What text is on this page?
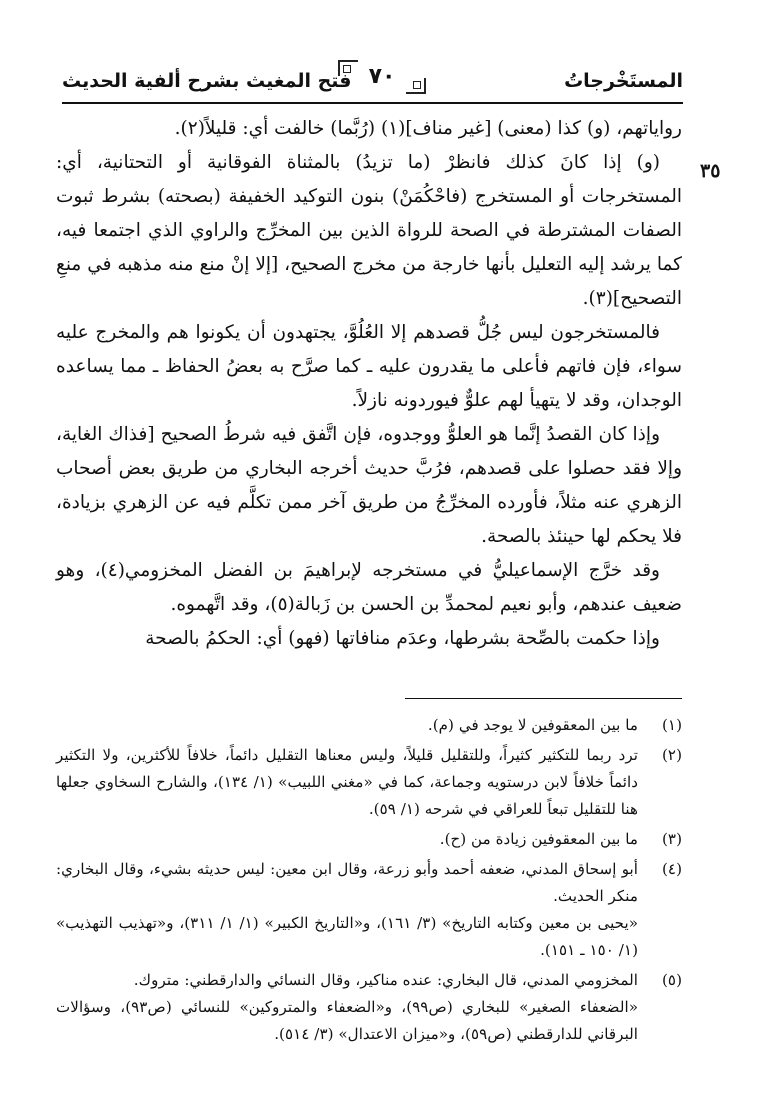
المستَخْرجاتُ
٧٠
فتح المغيث بشرح ألفية الحديث
٣٥

رواياتهم، (و) كذا (معنى) [غير مناف](١) (رُبَّما) خالفت أي: قليلاً(٢).

(و) إذا كانَ كذلك فانظرْ (ما تزيدُ) بالمثناة الفوقانية أو التحتانية، أي: المستخرجات أو المستخرج (فاحْكُمَنْ) بنون التوكيد الخفيفة (بصحته) بشرط ثبوت الصفات المشترطة في الصحة للرواة الذين بين المخرِّج والراوي الذي اجتمعا فيه، كما يرشد إليه التعليل بأنها خارجة من مخرج الصحيح، [إلا إنْ منع منه مذهبه في منعِ التصحيح](٣).

فالمستخرجون ليس جُلُّ قصدهم إلا العُلُوَّ، يجتهدون أن يكونوا هم والمخرج عليه سواء، فإن فاتهم فأعلى ما يقدرون عليه ـ كما صرَّح به بعضُ الحفاظ ـ مما يساعده الوجدان، وقد لا يتهيأ لهم علوٌّ فيوردونه نازلاً.

وإذا كان القصدُ إنَّما هو العلوُّ ووجدوه، فإن اتَّفق فيه شرطُ الصحيح [فذاك الغاية، وإلا فقد حصلوا على قصدهم، فرُبَّ حديث أخرجه البخاري من طريق بعض أصحاب الزهري عنه مثلاً، فأورده المخرِّجُ من طريق آخر ممن تكلَّم فيه عن الزهري بزيادة، فلا يحكم لها حينئذ بالصحة.

وقد خرَّج الإسماعيليُّ في مستخرجه لإبراهيمَ بن الفضل المخزومي(٤)، وهو ضعيف عندهم، وأبو نعيم لمحمدِّ بن الحسن بن زَبالة(٥)، وقد اتَّهموه.

وإذا حكمت بالصِّحة بشرطها، وعدَم منافاتها (فهو) أي: الحكمُ بالصحة

(١)

ما بين المعقوفين لا يوجد في (م).

(٢)

ترد ربما للتكثير كثيراً، وللتقليل قليلاً، وليس معناها التقليل دائماً، خلافاً للأكثرين، ولا التكثير دائماً خلافاً لابن درستويه وجماعة، كما في «مغني اللبيب» (١/ ١٣٤)، والشارح السخاوي جعلها هنا للتقليل تبعاً للعراقي في شرحه (١/ ٥٩).

(٣)

ما بين المعقوفين زيادة من (ح).

(٤)

أبو إسحاق المدني، ضعفه أحمد وأبو زرعة، وقال ابن معين: ليس حديثه بشيء، وقال البخاري: منكر الحديث.

«يحيى بن معين وكتابه التاريخ» (٣/ ١٦١)، و«التاريخ الكبير» (١/ ١/ ٣١١)، و«تهذيب التهذيب» (١/ ١٥٠ ـ ١٥١).

(٥)

المخزومي المدني، قال البخاري: عنده مناكير، وقال النسائي والدارقطني: متروك.

«الضعفاء الصغير» للبخاري (ص٩٩)، و«الضعفاء والمتروكين» للنسائي (ص٩٣)، وسؤالات البرقاني للدارقطني (ص٥٩)، و«ميزان الاعتدال» (٣/ ٥١٤).
